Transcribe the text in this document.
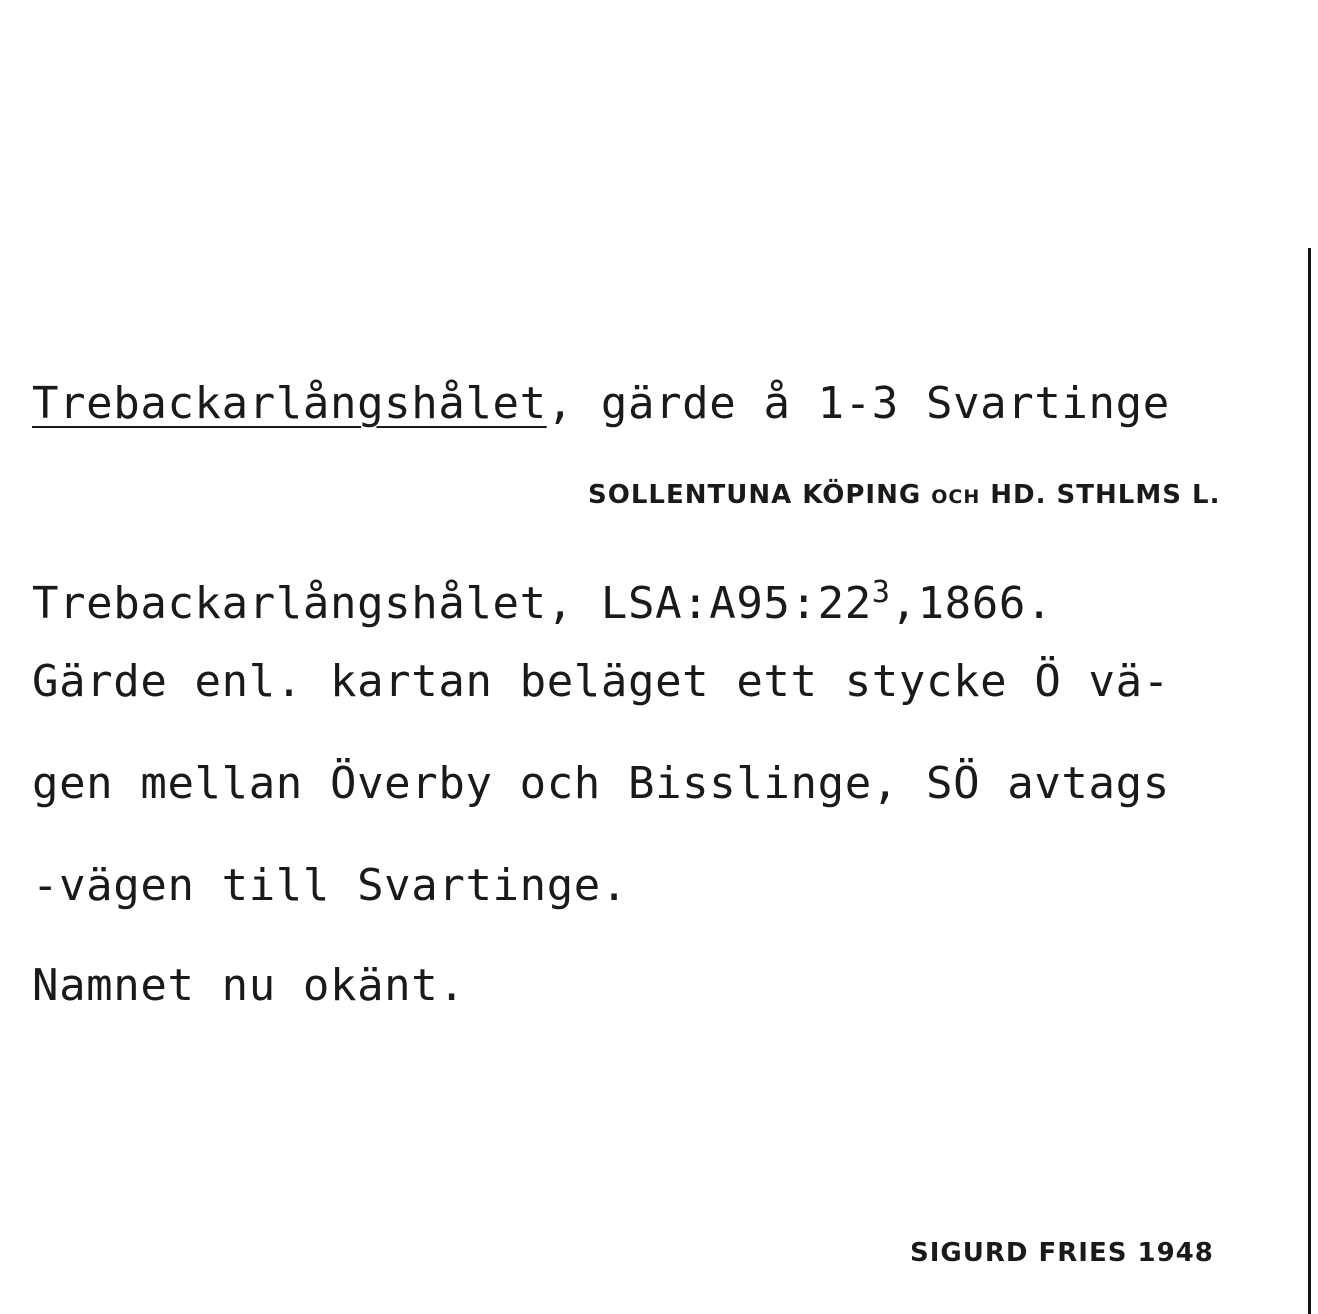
Trebackarlångshålet, gärde å 1-3 Svartinge
SOLLENTUNA KÖPING OCH HD. STHLMS L.
Trebackarlångshålet, LSA:A95:22$^3$,1866.
Gärde enl. kartan beläget ett stycke Ö vä-
gen mellan Överby och Bisslinge, SÖ avtags
-vägen till Svartinge.
Namnet nu okänt.
SIGURD FRIES 1948
